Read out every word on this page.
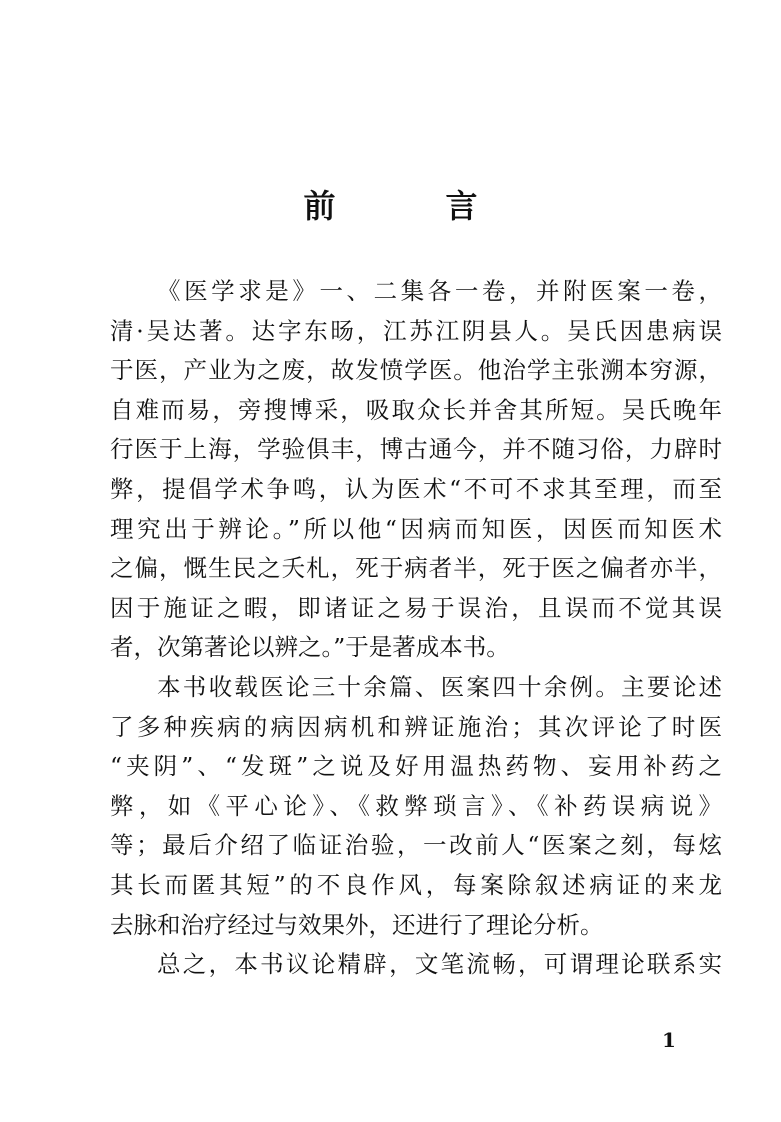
前	言
《医学求是》一、二集各一卷，并附医案一卷，
清·吴达著。达字东旸，江苏江阴县人。吴氏因患病误
于医，产业为之废，故发愤学医。他治学主张溯本穷源，
自难而易，旁搜博采，吸取众长并舍其所短。吴氏晚年
行医于上海，学验俱丰，博古通今，并不随习俗，力辟时
弊，提倡学术争鸣，认为医术“不可不求其至理，而至
理究出于辨论。”所以他“因病而知医，因医而知医术
之偏，慨生民之夭札，死于病者半，死于医之偏者亦半，
因于施证之暇，即诸证之易于误治，且误而不觉其误
者，次第著论以辨之。”于是著成本书。
本书收载医论三十余篇、医案四十余例。主要论述
了多种疾病的病因病机和辨证施治；其次评论了时医
“夹阴”、“发斑”之说及好用温热药物、妄用补药之
弊，如《平心论》、《救弊琐言》、《补药误病说》
等；最后介绍了临证治验，一改前人“医案之刻，每炫
其长而匿其短”的不良作风，每案除叙述病证的来龙
去脉和治疗经过与效果外，还进行了理论分析。
总之，本书议论精辟，文笔流畅，可谓理论联系实
1
